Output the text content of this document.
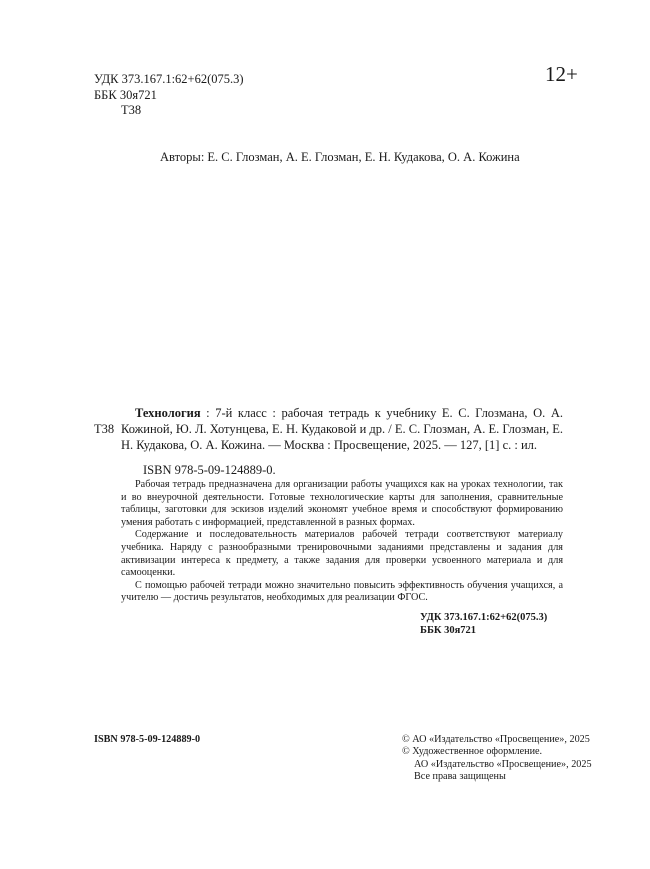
УДК 373.167.1:62+62(075.3)
ББК 30я721
Т38
12+
Авторы: Е. С. Глозман, А. Е. Глозман, Е. Н. Кудакова, О. А. Кожина
Т38

Технология : 7-й класс : рабочая тетрадь к учебнику Е. С. Глозмана, О. А. Кожиной, Ю. Л. Хотунцева, Е. Н. Кудаковой и др. / Е. С. Глозман, А. Е. Глозман, Е. Н. Кудакова, О. А. Кожина. — Москва : Просвещение, 2025. — 127, [1] с. : ил.

ISBN 978-5-09-124889-0.

Рабочая тетрадь предназначена для организации работы учащихся как на уроках технологии, так и во внеурочной деятельности. Готовые технологические карты для заполнения, сравнительные таблицы, заготовки для эскизов изделий экономят учебное время и способствуют формированию умения работать с информацией, представленной в разных формах.

Содержание и последовательность материалов рабочей тетради соответствуют материалу учебника. Наряду с разнообразными тренировочными заданиями представлены и задания для активизации интереса к предмету, а также задания для проверки усвоенного материала и для самооценки.

С помощью рабочей тетради можно значительно повысить эффективность обучения учащихся, а учителю — достичь результатов, необходимых для реализации ФГОС.

УДК 373.167.1:62+62(075.3)
ББК 30я721
ISBN 978-5-09-124889-0	© АО «Издательство «Просвещение», 2025
© Художественное оформление.
АО «Издательство «Просвещение», 2025
Все права защищены
